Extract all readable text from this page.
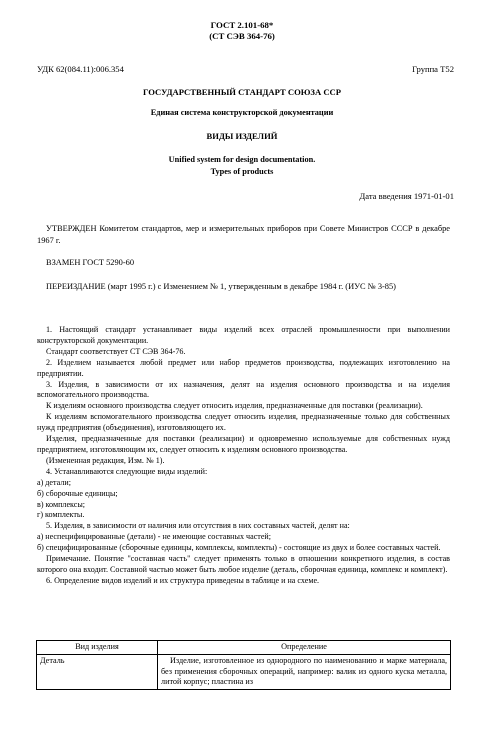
ГОСТ 2.101-68*
(СТ СЭВ 364-76)
УДК 62(084.11):006.354	Группа Т52
ГОСУДАРСТВЕННЫЙ СТАНДАРТ СОЮЗА ССР
Единая система конструкторской документации
ВИДЫ ИЗДЕЛИЙ
Unified system for design documentation.
Types of products
Дата введения 1971-01-01
УТВЕРЖДЕН Комитетом стандартов, мер и измерительных приборов при Совете Министров СССР в декабре 1967 г.
ВЗАМЕН ГОСТ 5290-60
ПЕРЕИЗДАНИЕ (март 1995 г.) с Изменением № 1, утвержденным в декабре 1984 г. (ИУС № 3-85)
1. Настоящий стандарт устанавливает виды изделий всех отраслей промышленности при выполнении конструкторской документации.
Стандарт соответствует СТ СЭВ 364-76.
2. Изделием называется любой предмет или набор предметов производства, подлежащих изготовлению на предприятии.
3. Изделия, в зависимости от их назначения, делят на изделия основного производства и на изделия вспомогательного производства.
К изделиям основного производства следует относить изделия, предназначенные для поставки (реализации).
К изделиям вспомогательного производства следует относить изделия, предназначенные только для собственных нужд предприятия (объединения), изготовляющего их.
Изделия, предназначенные для поставки (реализации) и одновременно используемые для собственных нужд предприятием, изготовляющим их, следует относить к изделиям основного производства.
(Измененная редакция, Изм. № 1).
4. Устанавливаются следующие виды изделий:
а) детали;
б) сборочные единицы;
в) комплексы;
г) комплекты.
5. Изделия, в зависимости от наличия или отсутствия в них составных частей, делят на:
а) неспецифицированные (детали) - не имеющие составных частей;
б) специфицированные (сборочные единицы, комплексы, комплекты) - состоящие из двух и более составных частей.
Примечание. Понятие "составная часть" следует применять только в отношении конкретного изделия, в состав которого она входит. Составной частью может быть любое изделие (деталь, сборочная единица, комплекс и комплект).
6. Определение видов изделий и их структура приведены в таблице и на схеме.
Вид изделия	Определение
Деталь	Изделие, изготовленное из однородного по наименованию и марке материала, без применения сборочных операций, например: валик из одного куска металла, литой корпус; пластина из
